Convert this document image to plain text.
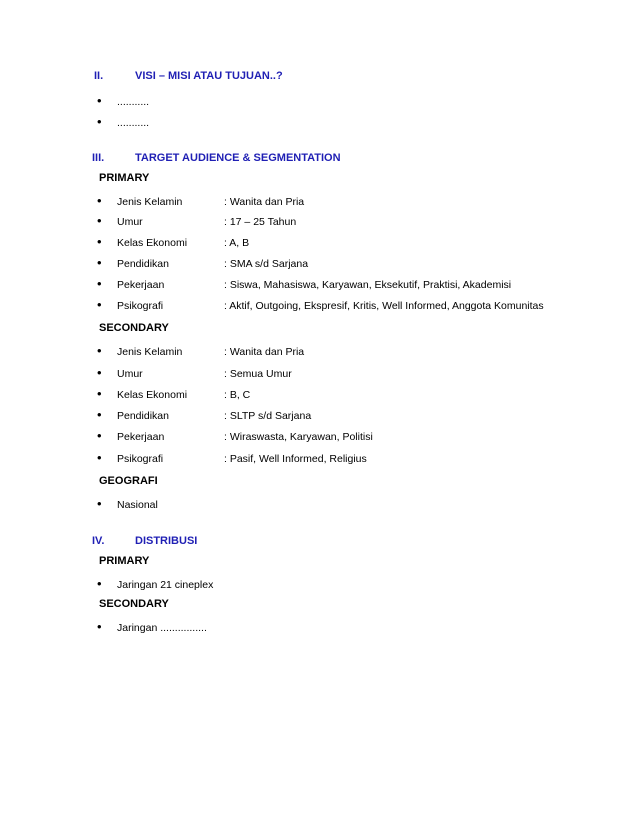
II.	VISI – MISI ATAU TUJUAN..?
• ...........
• ...........
III.	TARGET AUDIENCE & SEGMENTATION
PRIMARY
• Jenis Kelamin	: Wanita dan Pria
• Umur	: 17 – 25 Tahun
• Kelas Ekonomi	: A, B
• Pendidikan	: SMA s/d Sarjana
• Pekerjaan	: Siswa, Mahasiswa, Karyawan, Eksekutif, Praktisi, Akademisi
• Psikografi	: Aktif, Outgoing, Ekspresif, Kritis, Well Informed, Anggota Komunitas
SECONDARY
• Jenis Kelamin	: Wanita dan Pria
• Umur	: Semua Umur
• Kelas Ekonomi	: B, C
• Pendidikan	: SLTP s/d Sarjana
• Pekerjaan	: Wiraswasta, Karyawan, Politisi
• Psikografi	: Pasif, Well Informed, Religius
GEOGRAFI
• Nasional
IV.	DISTRIBUSI
PRIMARY
• Jaringan 21 cineplex
SECONDARY
• Jaringan ................
